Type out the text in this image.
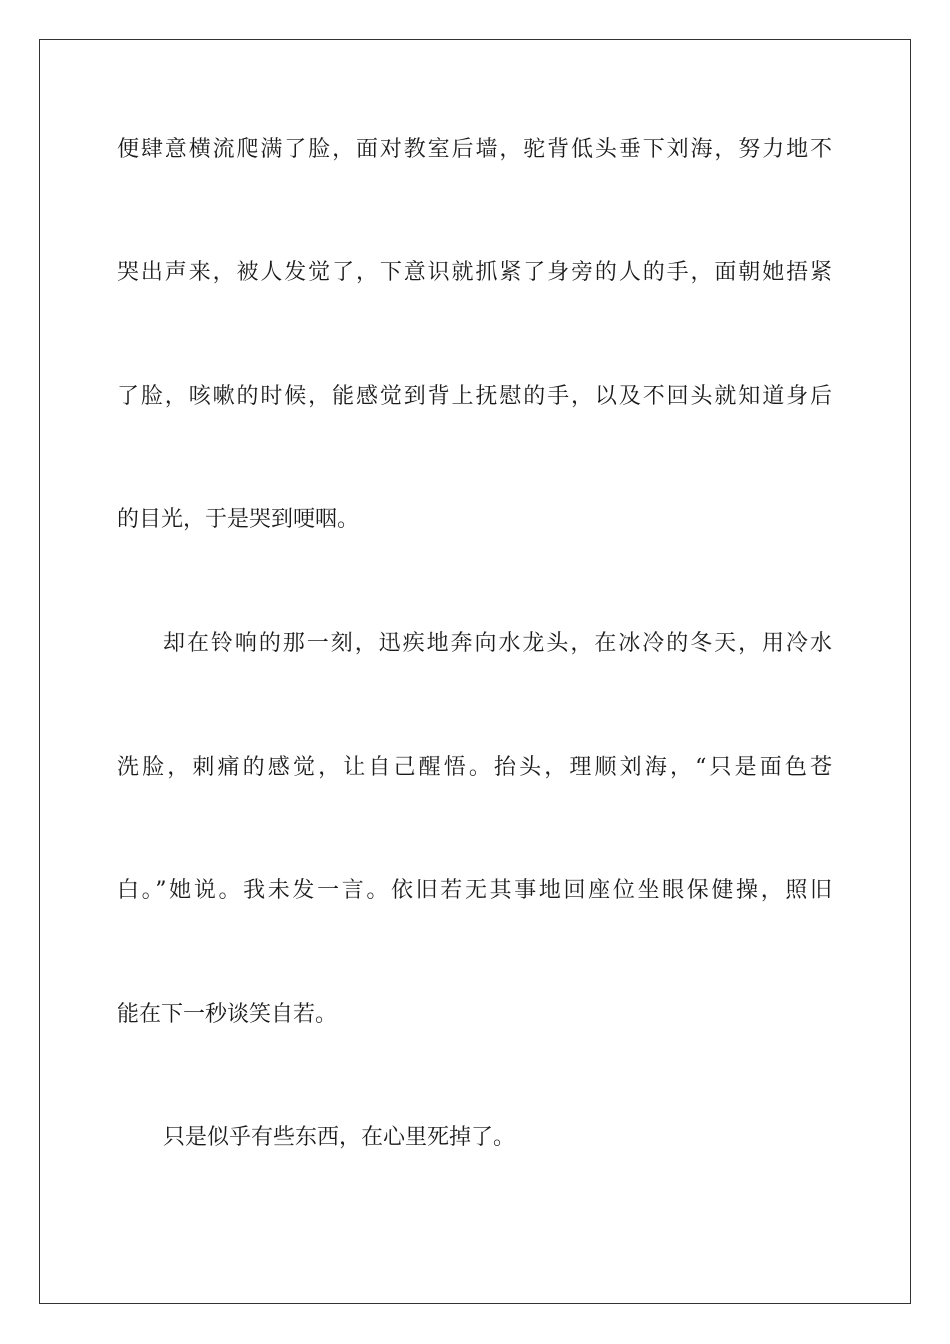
便肆意横流爬满了脸，面对教室后墙，驼背低头垂下刘海，努力地不
哭出声来，被人发觉了，下意识就抓紧了身旁的人的手，面朝她捂紧
了脸，咳嗽的时候，能感觉到背上抚慰的手，以及不回头就知道身后
的目光，于是哭到哽咽。
却在铃响的那一刻，迅疾地奔向水龙头，在冰冷的冬天，用冷水
洗脸，刺痛的感觉，让自己醒悟。抬头，理顺刘海，“只是面色苍
白。”她说。我未发一言。依旧若无其事地回座位坐眼保健操，照旧
能在下一秒谈笑自若。
只是似乎有些东西，在心里死掉了。
